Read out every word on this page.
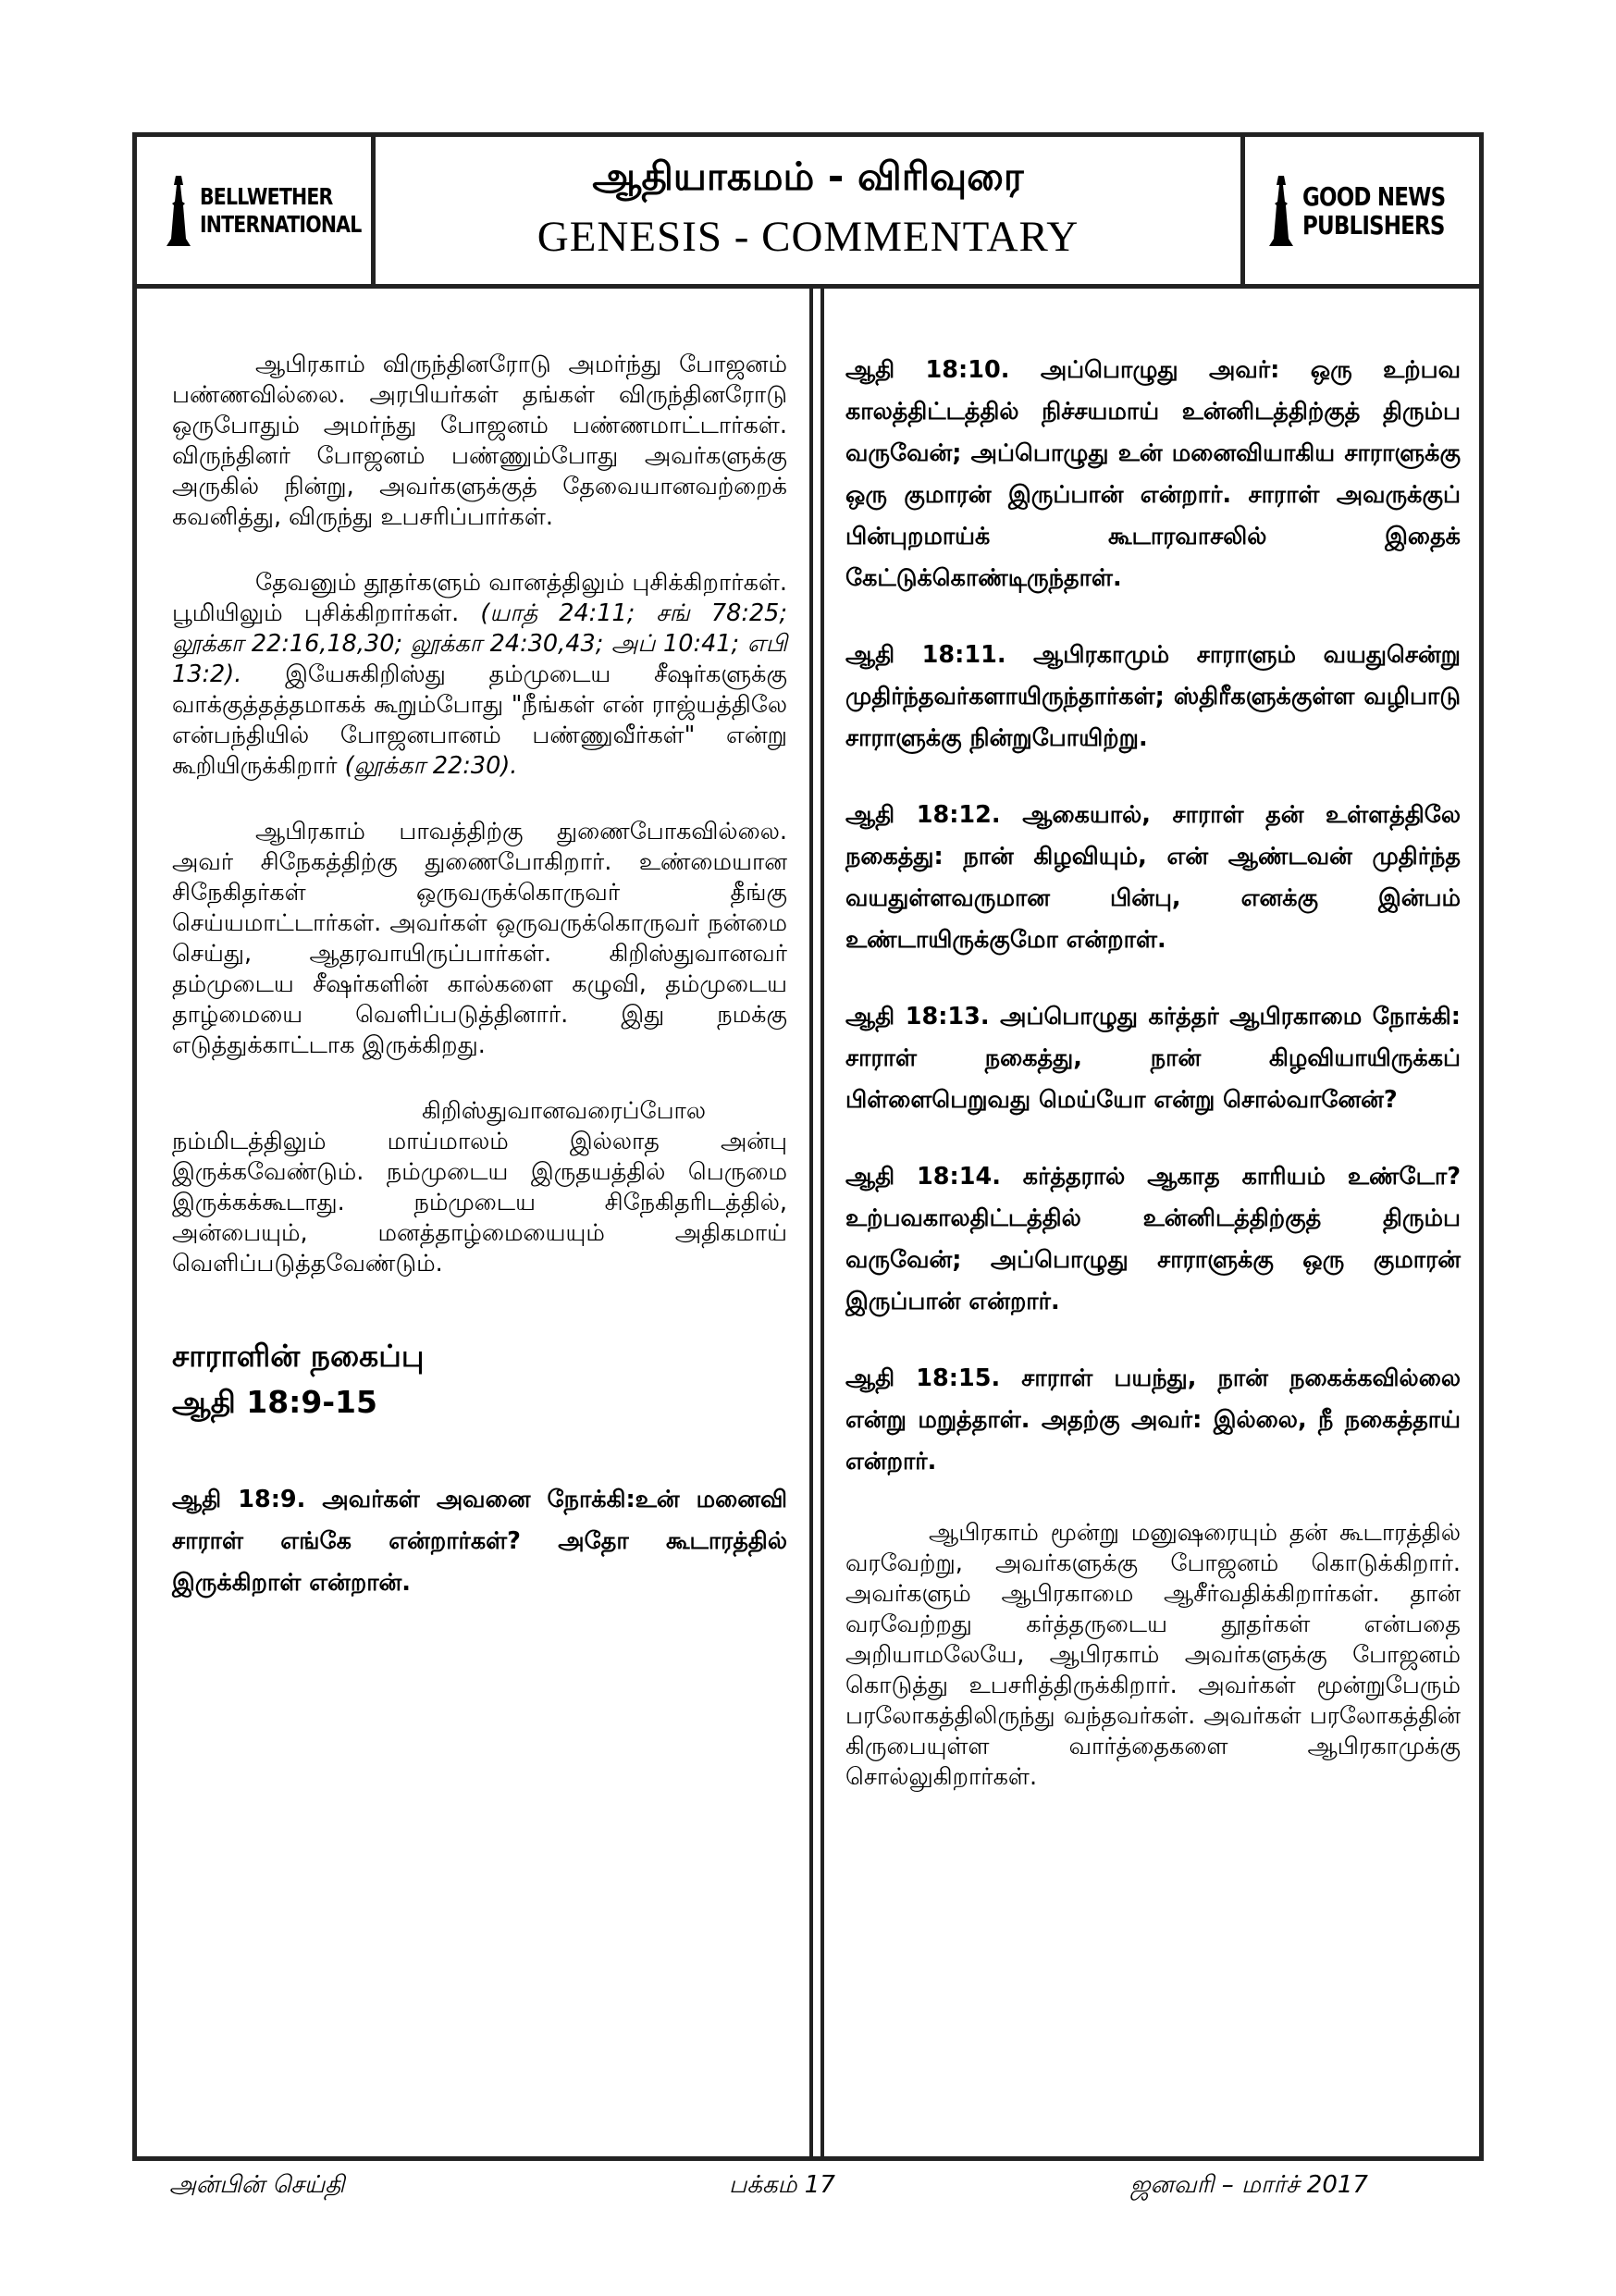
BELLWETHER
INTERNATIONAL
ஆதியாகமம் - விரிவுரை
GENESIS - COMMENTARY
GOOD NEWS
PUBLISHERS

ஆபிரகாம் விருந்தினரோடு அமர்ந்து போஜனம் பண்ணவில்லை. அரபியர்கள் தங்கள் விருந்தினரோடு ஒருபோதும் அமர்ந்து போஜனம் பண்ணமாட்டார்கள். விருந்தினர் போஜனம் பண்ணும்போது அவர்களுக்கு அருகில் நின்று, அவர்களுக்குத் தேவையானவற்றைக் கவனித்து, விருந்து உபசரிப்பார்கள்.

தேவனும் தூதர்களும் வானத்திலும் புசிக்கிறார்கள். பூமியிலும் புசிக்கிறார்கள். (யாத் 24:11; சங் 78:25; லூக்கா 22:16,18,30; லூக்கா 24:30,43; அப் 10:41; எபி 13:2). இயேசுகிறிஸ்து தம்முடைய சீஷர்களுக்கு வாக்குத்தத்தமாகக் கூறும்போது "நீங்கள் என் ராஜ்யத்திலே என்பந்தியில் போஜனபானம் பண்ணுவீர்கள்" என்று கூறியிருக்கிறார் (லூக்கா 22:30).

ஆபிரகாம் பாவத்திற்கு துணைபோகவில்லை. அவர் சிநேகத்திற்கு துணைபோகிறார். உண்மையான சிநேகிதர்கள் ஒருவருக்கொருவர் தீங்கு செய்யமாட்டார்கள். அவர்கள் ஒருவருக்கொருவர் நன்மை செய்து, ஆதரவாயிருப்பார்கள். கிறிஸ்துவானவர் தம்முடைய சீஷர்களின் கால்களை கழுவி, தம்முடைய தாழ்மையை வெளிப்படுத்தினார். இது நமக்கு எடுத்துக்காட்டாக இருக்கிறது.

கிறிஸ்துவானவரைப்போல நம்மிடத்திலும் மாய்மாலம் இல்லாத அன்பு இருக்கவேண்டும். நம்முடைய இருதயத்தில் பெருமை இருக்கக்கூடாது. நம்முடைய சிநேகிதரிடத்தில், அன்பையும், மனத்தாழ்மையையும் அதிகமாய் வெளிப்படுத்தவேண்டும்.

சாராளின் நகைப்பு
ஆதி 18:9-15

ஆதி 18:9. அவர்கள் அவனை நோக்கி:உன் மனைவி சாராள் எங்கே என்றார்கள்? அதோ கூடாரத்தில் இருக்கிறாள் என்றான்.

ஆதி 18:10. அப்பொழுது அவர்: ஒரு உற்பவ காலத்திட்டத்தில் நிச்சயமாய் உன்னிடத்திற்குத் திரும்ப வருவேன்; அப்பொழுது உன் மனைவியாகிய சாராளுக்கு ஒரு குமாரன் இருப்பான் என்றார். சாராள் அவருக்குப் பின்புறமாய்க் கூடாரவாசலில் இதைக் கேட்டுக்கொண்டிருந்தாள்.

ஆதி 18:11. ஆபிரகாமும் சாராளும் வயதுசென்று முதிர்ந்தவர்களாயிருந்தார்கள்; ஸ்திரீகளுக்குள்ள வழிபாடு சாராளுக்கு நின்றுபோயிற்று.

ஆதி 18:12. ஆகையால், சாராள் தன் உள்ளத்திலே நகைத்து: நான் கிழவியும், என் ஆண்டவன் முதிர்ந்த வயதுள்ளவருமான பின்பு, எனக்கு இன்பம் உண்டாயிருக்குமோ என்றாள்.

ஆதி 18:13. அப்பொழுது கர்த்தர் ஆபிரகாமை நோக்கி: சாராள் நகைத்து, நான் கிழவியாயிருக்கப் பிள்ளைபெறுவது மெய்யோ என்று சொல்வானேன்?

ஆதி 18:14. கர்த்தரால் ஆகாத காரியம் உண்டோ? உற்பவகாலதிட்டத்தில் உன்னிடத்திற்குத் திரும்ப வருவேன்; அப்பொழுது சாராளுக்கு ஒரு குமாரன் இருப்பான் என்றார்.

ஆதி 18:15. சாராள் பயந்து, நான் நகைக்கவில்லை என்று மறுத்தாள். அதற்கு அவர்: இல்லை, நீ நகைத்தாய் என்றார்.

ஆபிரகாம் மூன்று மனுஷரையும் தன் கூடாரத்தில் வரவேற்று, அவர்களுக்கு போஜனம் கொடுக்கிறார். அவர்களும் ஆபிரகாமை ஆசீர்வதிக்கிறார்கள். தான் வரவேற்றது கர்த்தருடைய தூதர்கள் என்பதை அறியாமலேயே, ஆபிரகாம் அவர்களுக்கு போஜனம் கொடுத்து உபசரித்திருக்கிறார். அவர்கள் மூன்றுபேரும் பரலோகத்திலிருந்து வந்தவர்கள். அவர்கள் பரலோகத்தின் கிருபையுள்ள வார்த்தைகளை ஆபிரகாமுக்கு சொல்லுகிறார்கள்.

அன்பின் செய்தி	பக்கம் 17	ஜனவரி – மார்ச் 2017
